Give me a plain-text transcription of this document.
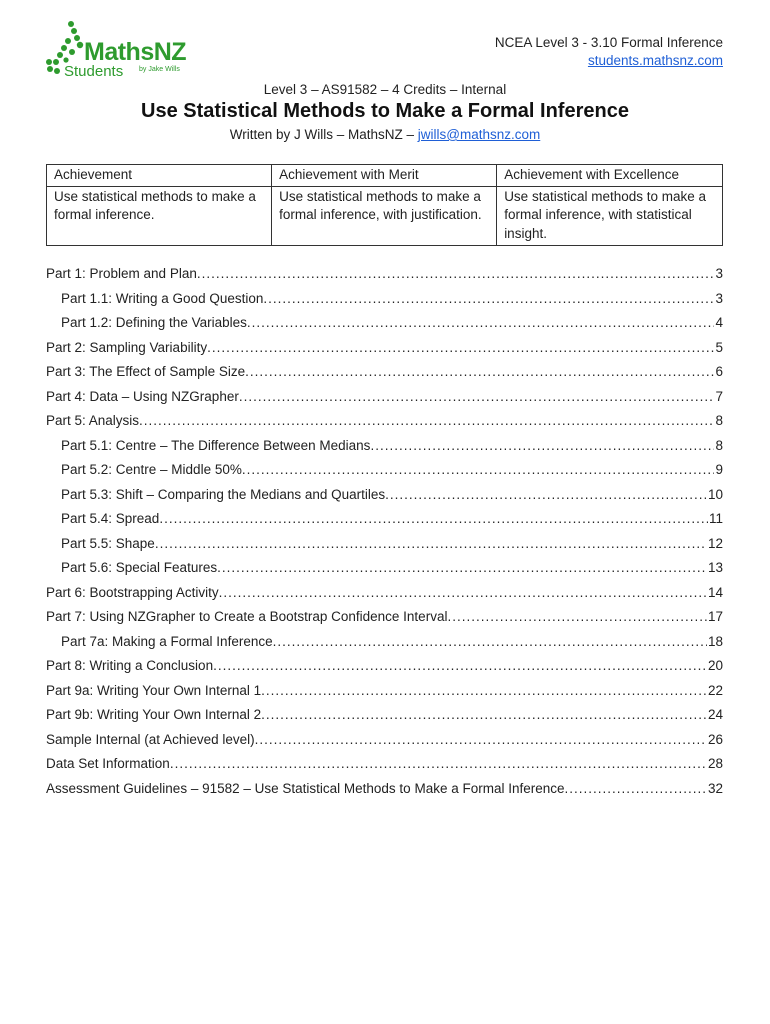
MathsNZ
Students by Jake Wills
NCEA Level 3 - 3.10 Formal Inference
students.mathsnz.com
Level 3 – AS91582 – 4 Credits – Internal
Use Statistical Methods to Make a Formal Inference
Written by J Wills – MathsNZ – jwills@mathsnz.com
Achievement	Achievement with Merit	Achievement with Excellence
Use statistical methods to make a formal inference.	Use statistical methods to make a formal inference, with justification.	Use statistical methods to make a formal inference, with statistical insight.
Part 1: Problem and Plan .....	3
Part 1.1: Writing a Good Question .....	3
Part 1.2: Defining the Variables .....	4
Part 2: Sampling Variability .....	5
Part 3: The Effect of Sample Size .....	6
Part 4: Data – Using NZGrapher .....	7
Part 5: Analysis .....	8
Part 5.1: Centre – The Difference Between Medians .....	8
Part 5.2: Centre – Middle 50% .....	9
Part 5.3: Shift – Comparing the Medians and Quartiles .....	10
Part 5.4: Spread .....	11
Part 5.5: Shape .....	12
Part 5.6: Special Features .....	13
Part 6: Bootstrapping Activity .....	14
Part 7: Using NZGrapher to Create a Bootstrap Confidence Interval .....	17
Part 7a: Making a Formal Inference .....	18
Part 8: Writing a Conclusion .....	20
Part 9a: Writing Your Own Internal 1 .....	22
Part 9b: Writing Your Own Internal 2 .....	24
Sample Internal (at Achieved level) .....	26
Data Set Information .....	28
Assessment Guidelines – 91582 – Use Statistical Methods to Make a Formal Inference .....	32
